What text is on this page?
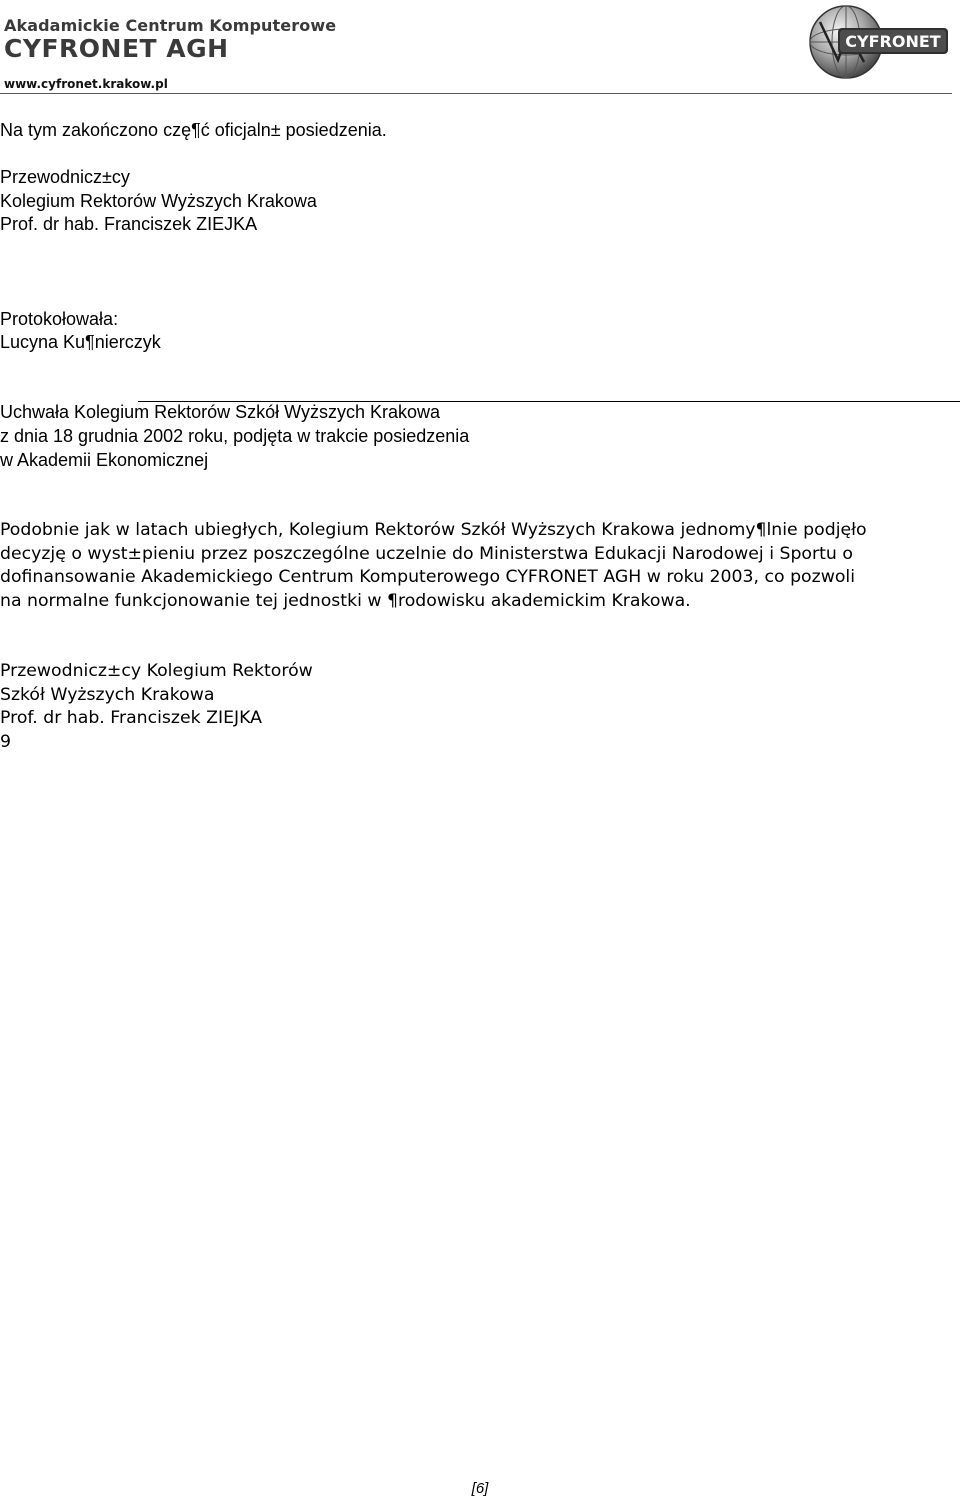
Akadamickie Centrum Komputerowe
CYFRONET AGH
www.cyfronet.krakow.pl
CYFRONET
Na tym zakończono czę¶ć oficjaln± posiedzenia.
Przewodnicz±cy
Kolegium Rektorów Wyższych Krakowa
Prof. dr hab. Franciszek ZIEJKA
Protokołowała:
Lucyna Ku¶nierczyk
Uchwała Kolegium Rektorów Szkół Wyższych Krakowa
z dnia 18 grudnia 2002 roku, podjęta w trakcie posiedzenia
w Akademii Ekonomicznej
Podobnie jak w latach ubiegłych, Kolegium Rektorów Szkół Wyższych Krakowa jednomy¶lnie podjęło
decyzję o wyst±pieniu przez poszczególne uczelnie do Ministerstwa Edukacji Narodowej i Sportu o
dofinansowanie Akademickiego Centrum Komputerowego CYFRONET AGH w roku 2003, co pozwoli
na normalne funkcjonowanie tej jednostki w ¶rodowisku akademickim Krakowa.
Przewodnicz±cy Kolegium Rektorów
Szkół Wyższych Krakowa
Prof. dr hab. Franciszek ZIEJKA
9
[6]
